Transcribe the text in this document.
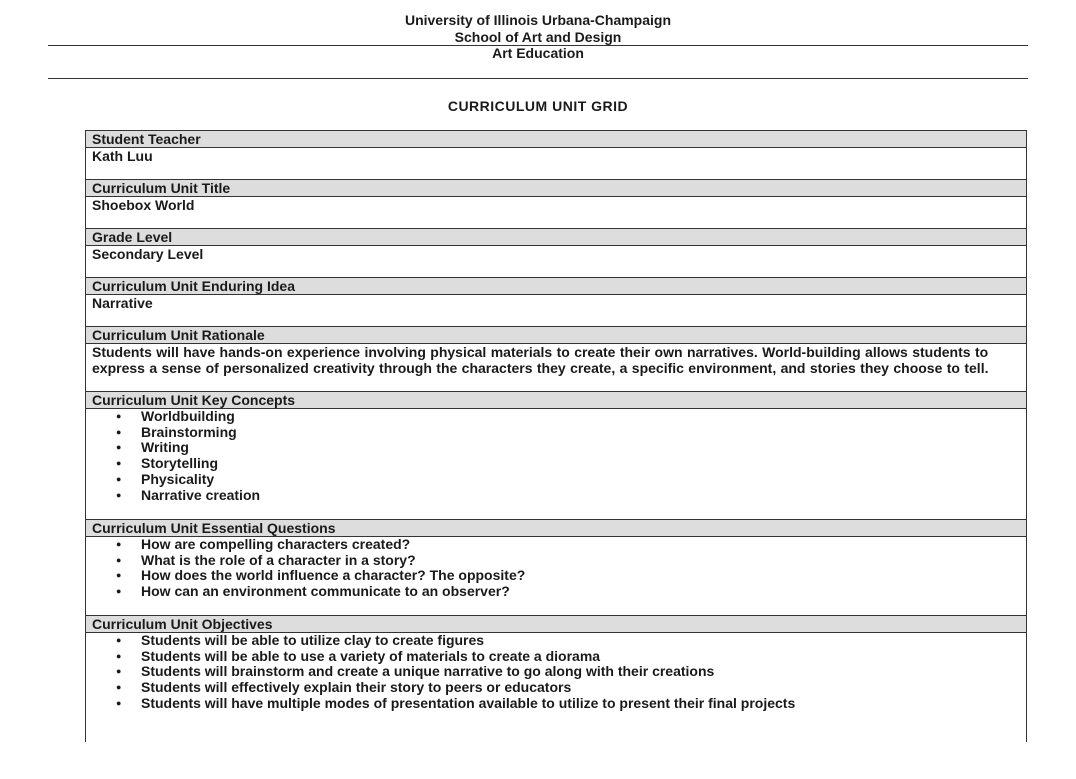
University of Illinois Urbana-Champaign
School of Art and Design
Art Education
CURRICULUM UNIT GRID
Student Teacher
Kath Luu
Curriculum Unit Title
Shoebox World
Grade Level
Secondary Level
Curriculum Unit Enduring Idea
Narrative
Curriculum Unit Rationale
Students will have hands-on experience involving physical materials to create their own narratives. World-building allows students to express a sense of personalized creativity through the characters they create, a specific environment, and stories they choose to tell.
Curriculum Unit Key Concepts
● Worldbuilding
● Brainstorming
● Writing
● Storytelling
● Physicality
● Narrative creation
Curriculum Unit Essential Questions
● How are compelling characters created?
● What is the role of a character in a story?
● How does the world influence a character? The opposite?
● How can an environment communicate to an observer?
Curriculum Unit Objectives
● Students will be able to utilize clay to create figures
● Students will be able to use a variety of materials to create a diorama
● Students will brainstorm and create a unique narrative to go along with their creations
● Students will effectively explain their story to peers or educators
● Students will have multiple modes of presentation available to utilize to present their final projects
